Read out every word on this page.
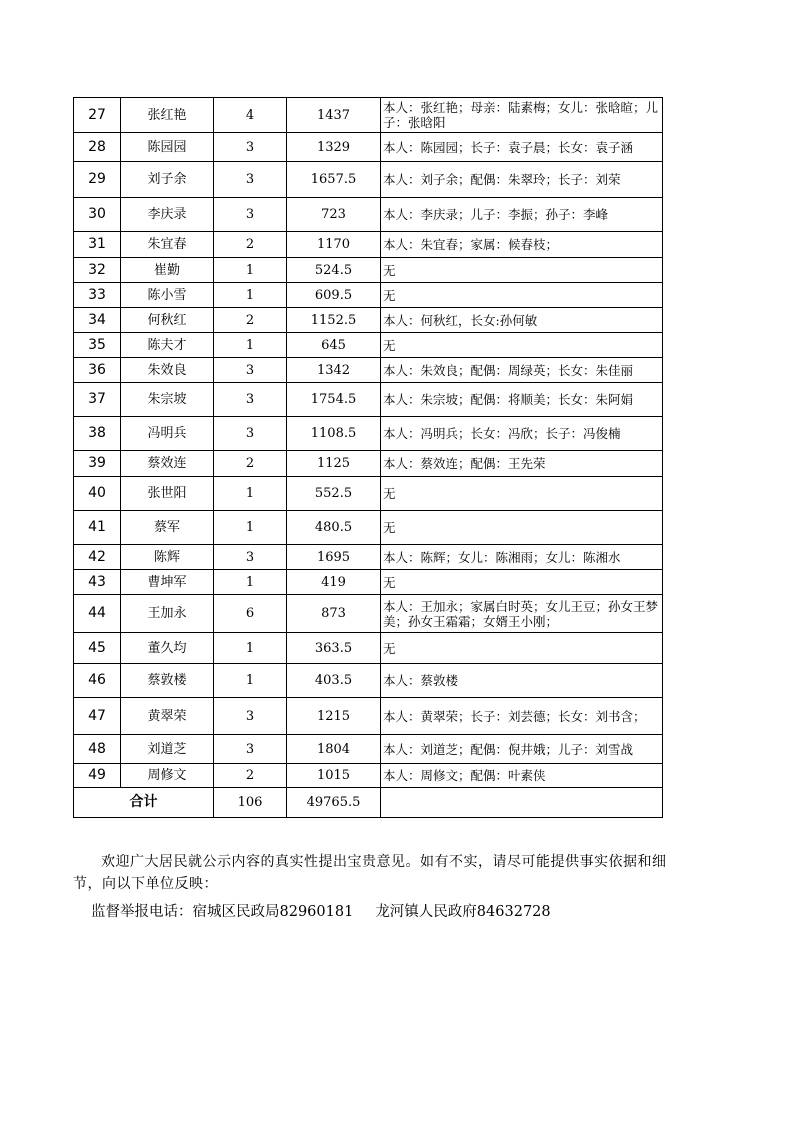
27	张红艳	4	1437	本人：张红艳；母亲：陆素梅；女儿：张晗暄；儿子：张晗阳
28	陈园园	3	1329	本人：陈园园；长子：袁子晨；长女：袁子涵
29	刘子余	3	1657.5	本人：刘子余；配偶：朱翠玲；长子：刘荣
30	李庆录	3	723	本人：李庆录；儿子：李振；孙子：李峰
31	朱宜春	2	1170	本人：朱宜春；家属：候春枝；
32	崔勤	1	524.5	无
33	陈小雪	1	609.5	无
34	何秋红	2	1152.5	本人：何秋红，长女:孙何敏
35	陈夫才	1	645	无
36	朱效良	3	1342	本人：朱效良；配偶：周绿英；长女：朱佳丽
37	朱宗坡	3	1754.5	本人：朱宗坡；配偶：将顺美；长女：朱阿娟
38	冯明兵	3	1108.5	本人：冯明兵；长女：冯欣；长子：冯俊楠
39	蔡效连	2	1125	本人：蔡效连；配偶：王先荣
40	张世阳	1	552.5	无
41	蔡军	1	480.5	无
42	陈辉	3	1695	本人：陈辉；女儿：陈湘雨；女儿：陈湘水
43	曹坤军	1	419	无
44	王加永	6	873	本人：王加永；家属白时英；女儿王豆；孙女王梦美；孙女王霜霜；女婿王小刚；
45	董久均	1	363.5	无
46	蔡敦楼	1	403.5	本人：蔡敦楼
47	黄翠荣	3	1215	本人：黄翠荣；长子：刘芸德；长女：刘书含；
48	刘道芝	3	1804	本人：刘道芝；配偶：倪井娥；儿子：刘雪战
49	周修文	2	1015	本人：周修文；配偶：叶素侠
合计		106	49765.5	

欢迎广大居民就公示内容的真实性提出宝贵意见。如有不实，请尽可能提供事实依据和细节，向以下单位反映：

监督举报电话：宿城区民政局82960181 龙河镇人民政府84632728
